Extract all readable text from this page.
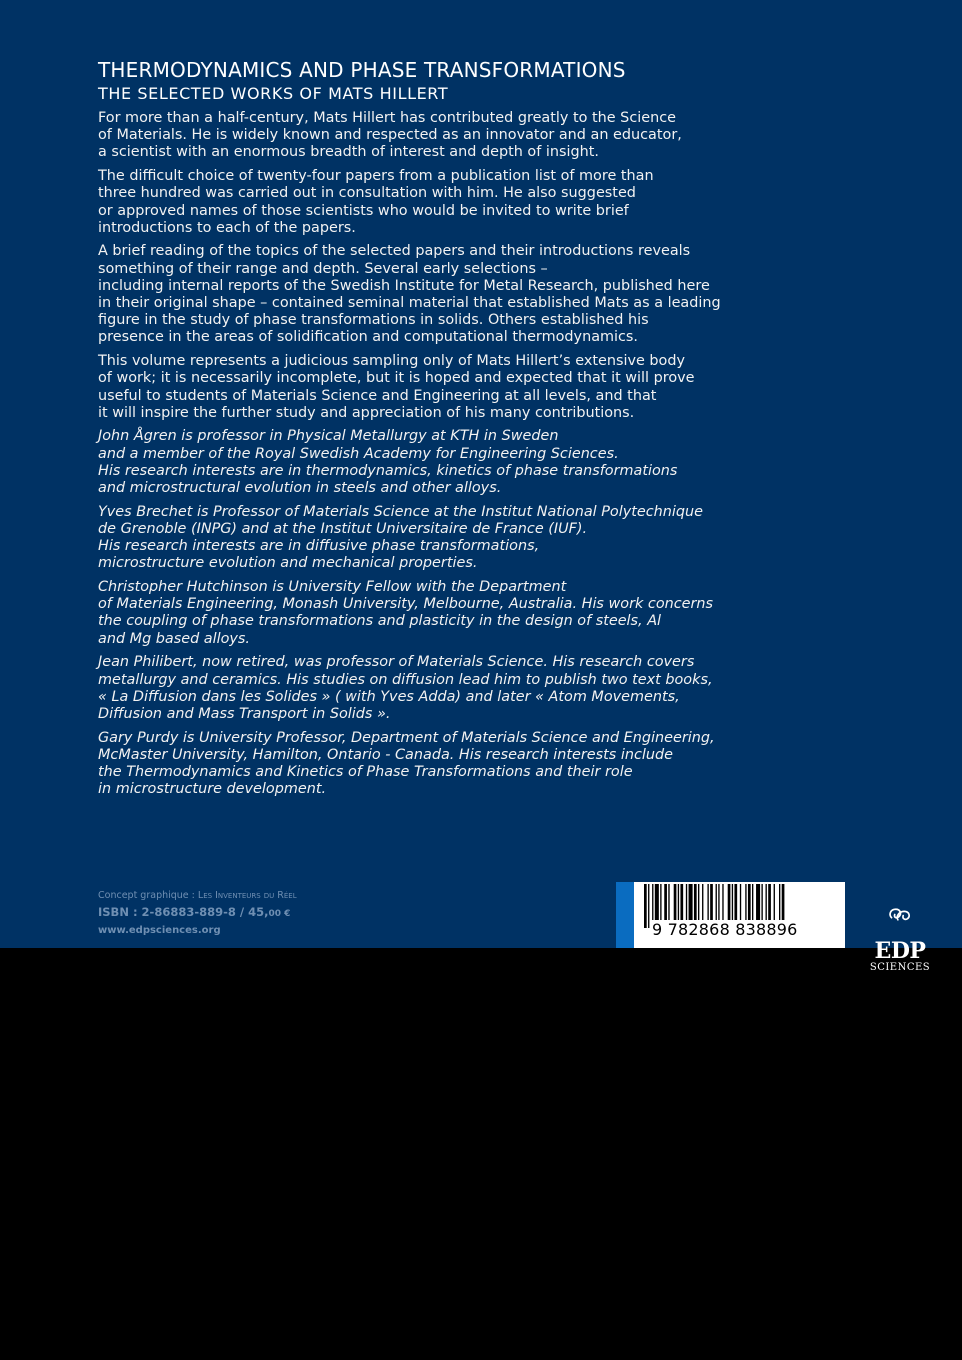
THERMODYNAMICS AND PHASE TRANSFORMATIONS
THE SELECTED WORKS OF MATS HILLERT

For more than a half-century, Mats Hillert has contributed greatly to the Science
of Materials. He is widely known and respected as an innovator and an educator,
a scientist with an enormous breadth of interest and depth of insight.

The difficult choice of twenty-four papers from a publication list of more than
three hundred was carried out in consultation with him. He also suggested
or approved names of those scientists who would be invited to write brief
introductions to each of the papers.

A brief reading of the topics of the selected papers and their introductions reveals
something of their range and depth. Several early selections –
including internal reports of the Swedish Institute for Metal Research, published here
in their original shape – contained seminal material that established Mats as a leading
figure in the study of phase transformations in solids. Others established his
presence in the areas of solidification and computational thermodynamics.

This volume represents a judicious sampling only of Mats Hillert’s extensive body
of work; it is necessarily incomplete, but it is hoped and expected that it will prove
useful to students of Materials Science and Engineering at all levels, and that
it will inspire the further study and appreciation of his many contributions.

John Ågren is professor in Physical Metallurgy at KTH in Sweden
and a member of the Royal Swedish Academy for Engineering Sciences.
His research interests are in thermodynamics, kinetics of phase transformations
and microstructural evolution in steels and other alloys.

Yves Brechet is Professor of Materials Science at the Institut National Polytechnique
de Grenoble (INPG) and at the Institut Universitaire de France (IUF).
His research interests are in diffusive phase transformations,
microstructure evolution and mechanical properties.

Christopher Hutchinson is University Fellow with the Department
of Materials Engineering, Monash University, Melbourne, Australia. His work concerns
the coupling of phase transformations and plasticity in the design of steels, Al
and Mg based alloys.

Jean Philibert, now retired, was professor of Materials Science. His research covers
metallurgy and ceramics. His studies on diffusion lead him to publish two text books,
« La Diffusion dans les Solides » ( with Yves Adda) and later « Atom Movements,
Diffusion and Mass Transport in Solids ».

Gary Purdy is University Professor, Department of Materials Science and Engineering,
McMaster University, Hamilton, Ontario - Canada. His research interests include
the Thermodynamics and Kinetics of Phase Transformations and their role
in microstructure development.

Concept graphique : Les Inventeurs du Réel
ISBN : 2-86883-889-8 / 45,00 €
www.edpsciences.org	9 782868 838896
EDP
SCIENCES
